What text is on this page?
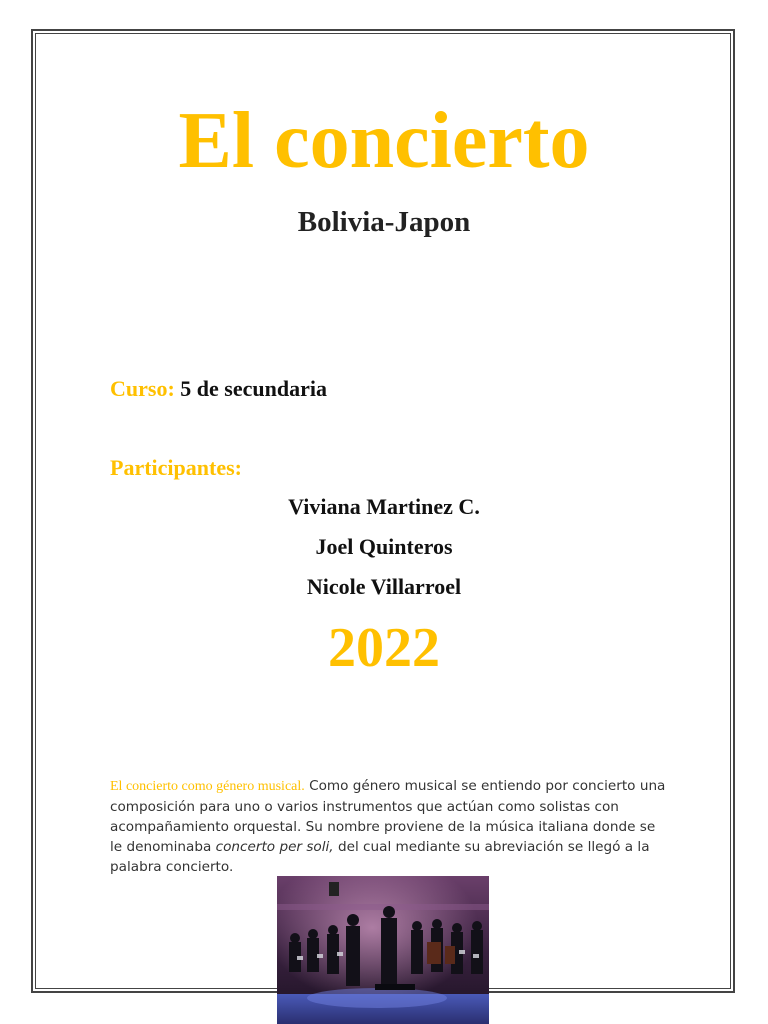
El concierto
Bolivia-Japon
Curso: 5 de secundaria
Participantes:
Viviana Martinez C.
Joel Quinteros
Nicole Villarroel
2022
El concierto como género musical. Como género musical se entiendo por concierto una composición para uno o varios instrumentos que actúan como solistas con acompañamiento orquestal. Su nombre proviene de la música italiana donde se le denominaba concerto per soli, del cual mediante su abreviación se llegó a la palabra concierto.
